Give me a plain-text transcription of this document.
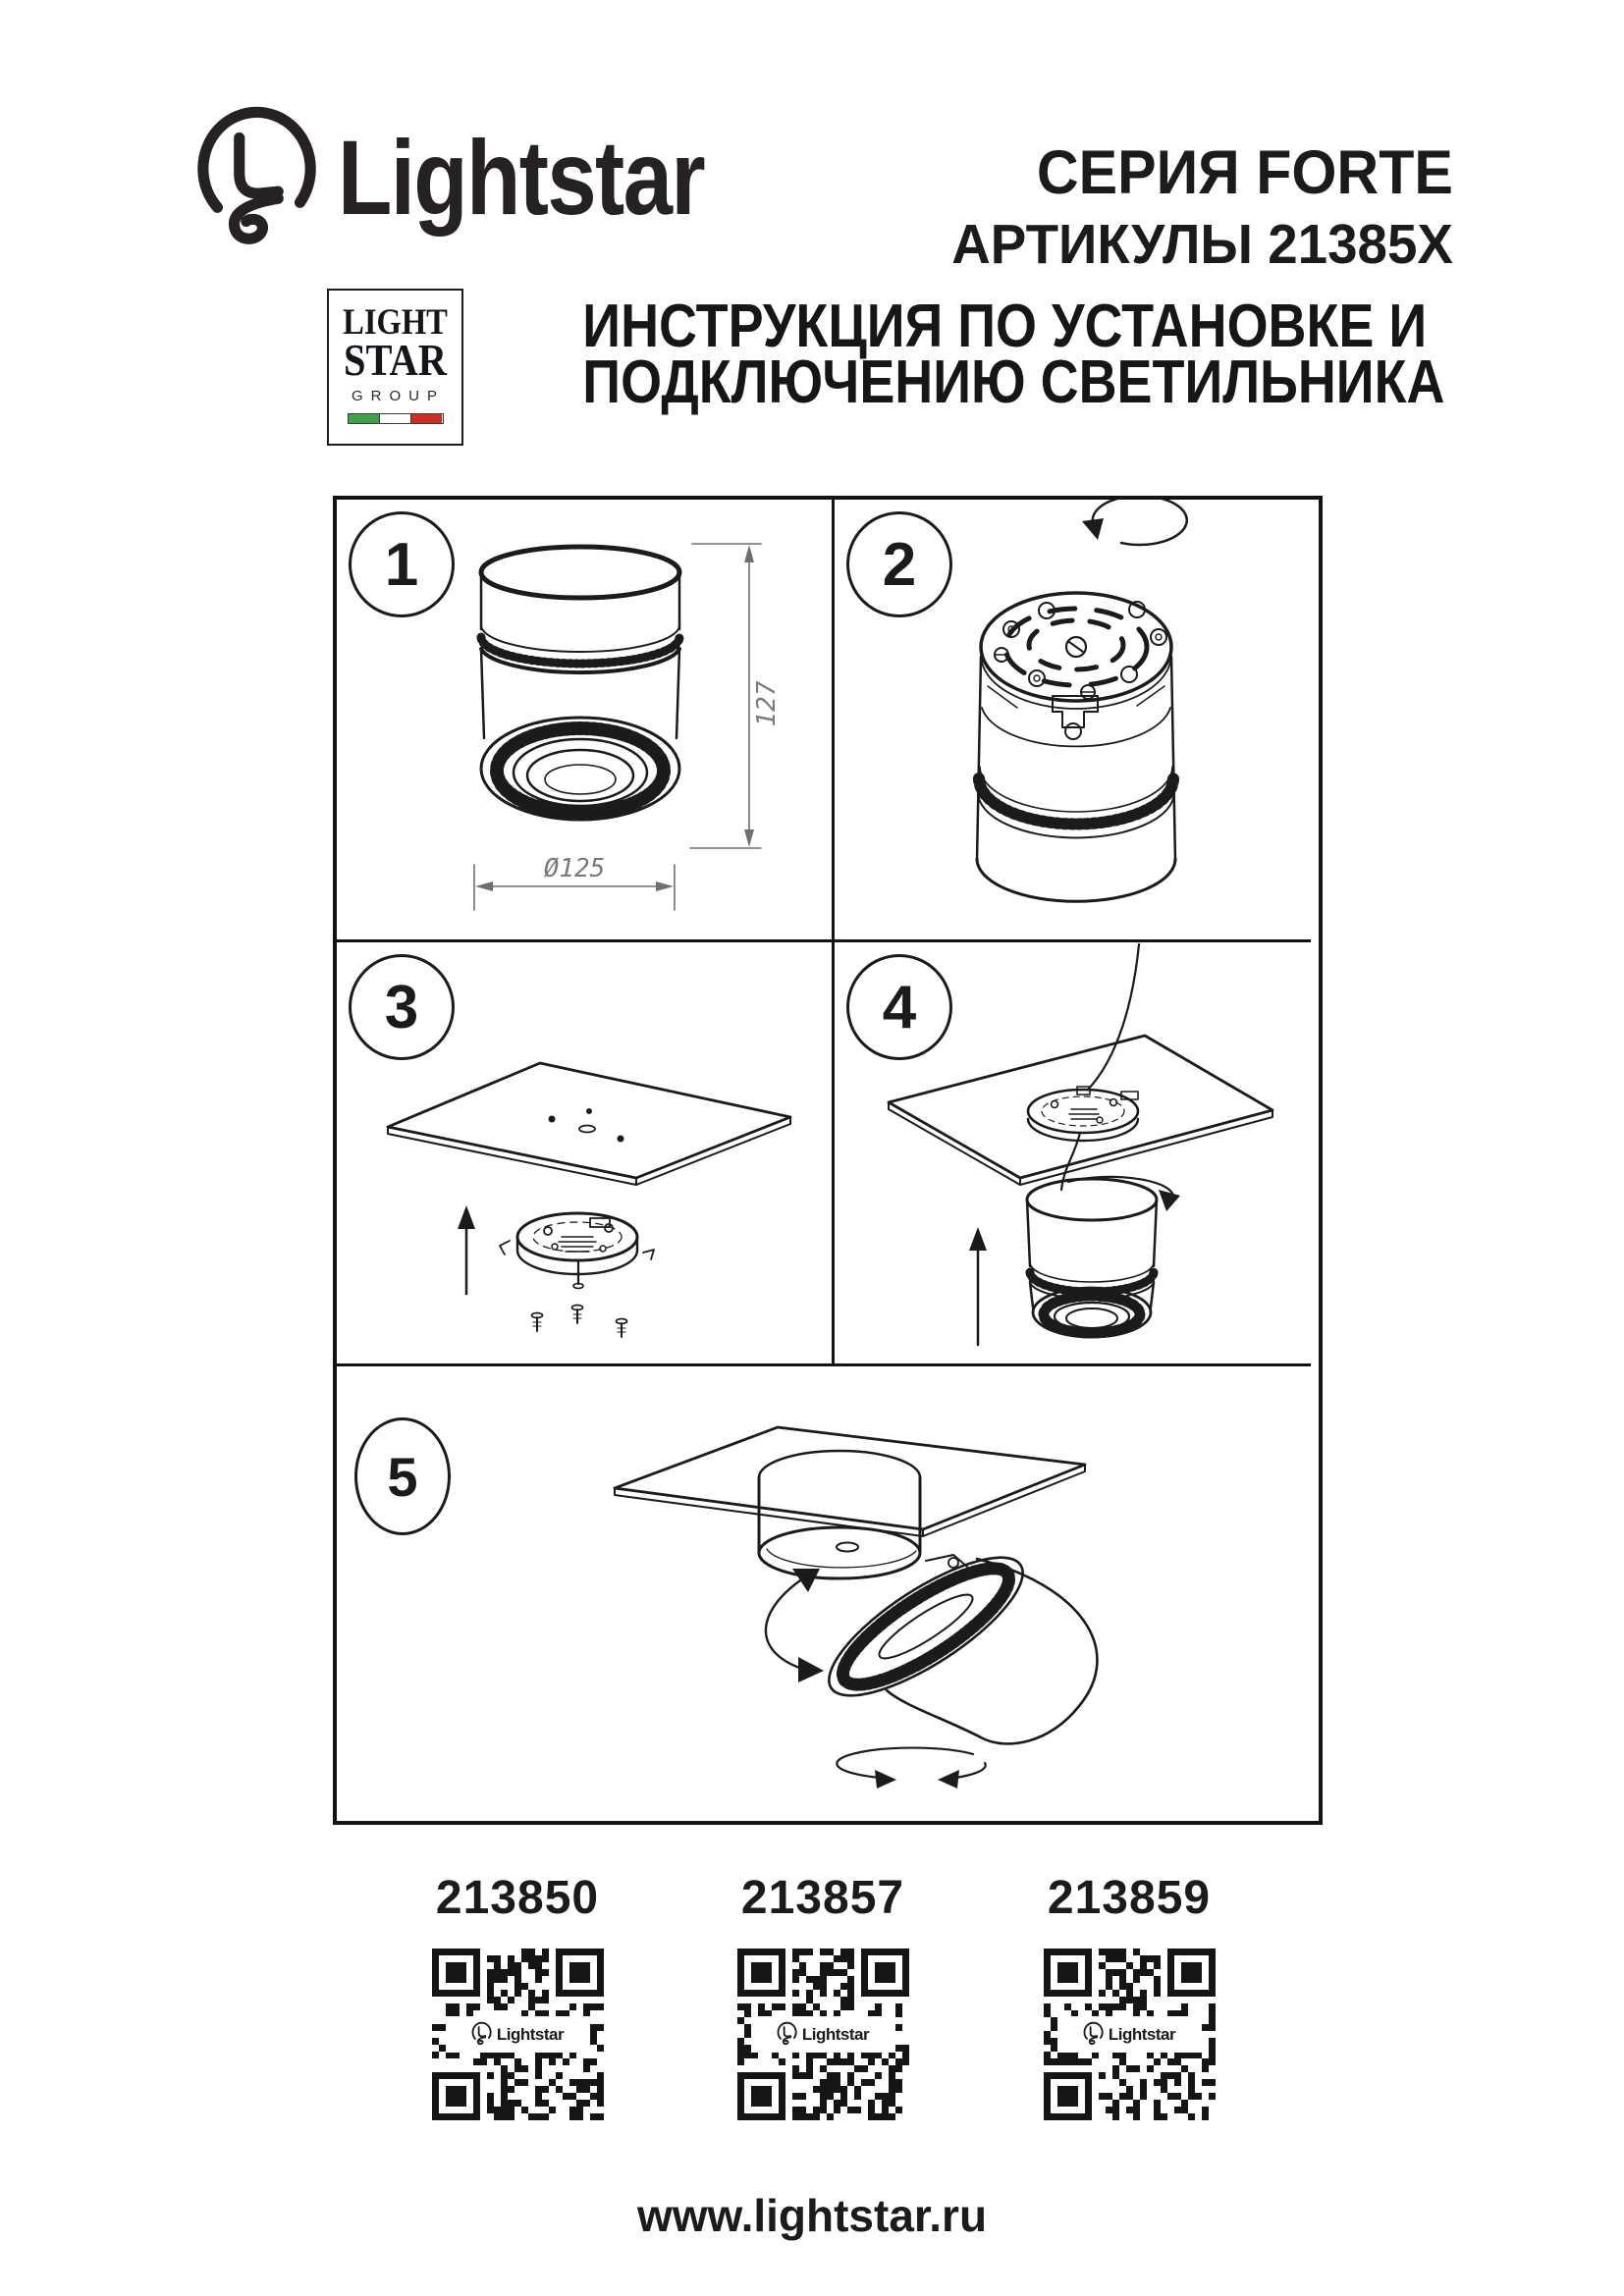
Lightstar	СЕРИЯ FORTE
АРТИКУЛЫ 21385X
LIGHT
STAR
GROUP
ИНСТРУКЦИЯ ПО УСТАНОВКЕ И
ПОДКЛЮЧЕНИЮ СВЕТИЛЬНИКА
1
127
Ø125
2
3	4
5
213850
Lightstar
213857
Lightstar
213859
Lightstar
www.lightstar.ru
